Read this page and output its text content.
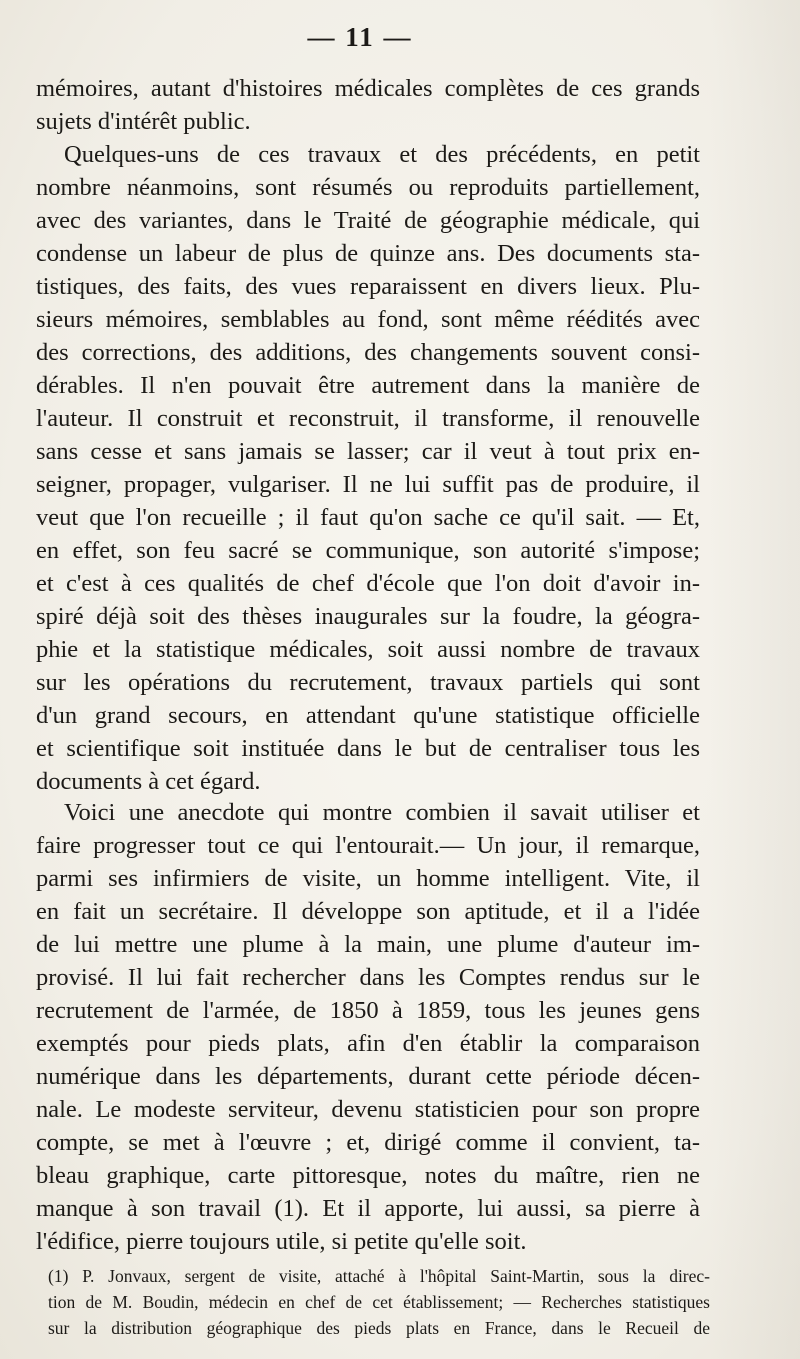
— 11 —
mémoires, autant d'histoires médicales complètes de ces grands
sujets d'intérêt public.
Quelques-uns de ces travaux et des précédents, en petit
nombre néanmoins, sont résumés ou reproduits partiellement,
avec des variantes, dans le Traité de géographie médicale, qui
condense un labeur de plus de quinze ans. Des documents sta-
tistiques, des faits, des vues reparaissent en divers lieux. Plu-
sieurs mémoires, semblables au fond, sont même réédités avec
des corrections, des additions, des changements souvent consi-
dérables. Il n'en pouvait être autrement dans la manière de
l'auteur. Il construit et reconstruit, il transforme, il renouvelle
sans cesse et sans jamais se lasser; car il veut à tout prix en-
seigner, propager, vulgariser. Il ne lui suffit pas de produire, il
veut que l'on recueille ; il faut qu'on sache ce qu'il sait. — Et,
en effet, son feu sacré se communique, son autorité s'impose;
et c'est à ces qualités de chef d'école que l'on doit d'avoir in-
spiré déjà soit des thèses inaugurales sur la foudre, la géogra-
phie et la statistique médicales, soit aussi nombre de travaux
sur les opérations du recrutement, travaux partiels qui sont
d'un grand secours, en attendant qu'une statistique officielle
et scientifique soit instituée dans le but de centraliser tous les
documents à cet égard.
Voici une anecdote qui montre combien il savait utiliser et
faire progresser tout ce qui l'entourait.— Un jour, il remarque,
parmi ses infirmiers de visite, un homme intelligent. Vite, il
en fait un secrétaire. Il développe son aptitude, et il a l'idée
de lui mettre une plume à la main, une plume d'auteur im-
provisé. Il lui fait rechercher dans les Comptes rendus sur le
recrutement de l'armée, de 1850 à 1859, tous les jeunes gens
exemptés pour pieds plats, afin d'en établir la comparaison
numérique dans les départements, durant cette période décen-
nale. Le modeste serviteur, devenu statisticien pour son propre
compte, se met à l'œuvre ; et, dirigé comme il convient, ta-
bleau graphique, carte pittoresque, notes du maître, rien ne
manque à son travail (1). Et il apporte, lui aussi, sa pierre à
l'édifice, pierre toujours utile, si petite qu'elle soit.
(1) P. Jonvaux, sergent de visite, attaché à l'hôpital Saint-Martin, sous la direc-
tion de M. Boudin, médecin en chef de cet établissement; — Recherches statistiques
sur la distribution géographique des pieds plats en France, dans le Recueil de
